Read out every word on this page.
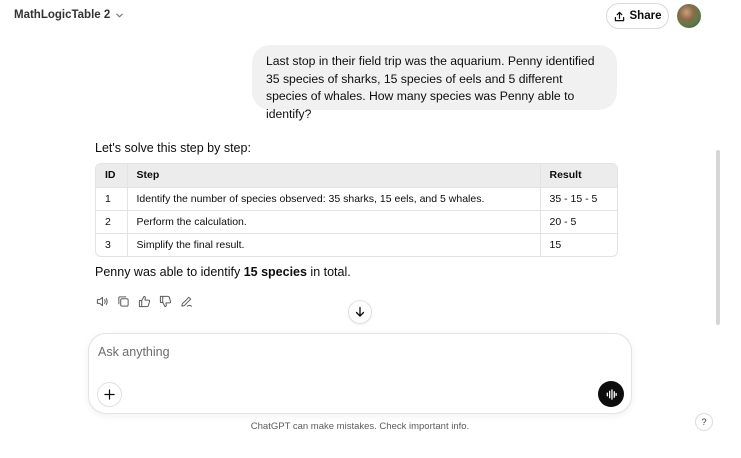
MathLogicTable 2	Share
Last stop in their field trip was the aquarium. Penny identified 35 species of sharks, 15 species of eels and 5 different species of whales. How many species was Penny able to identify?
Let's solve this step by step:
ID	Step	Result
1	Identify the number of species observed: 35 sharks, 15 eels, and 5 whales.	35 - 15 - 5
2	Perform the calculation.	20 - 5
3	Simplify the final result.	15
Penny was able to identify 15 species in total.
Ask anything
ChatGPT can make mistakes. Check important info.	?
